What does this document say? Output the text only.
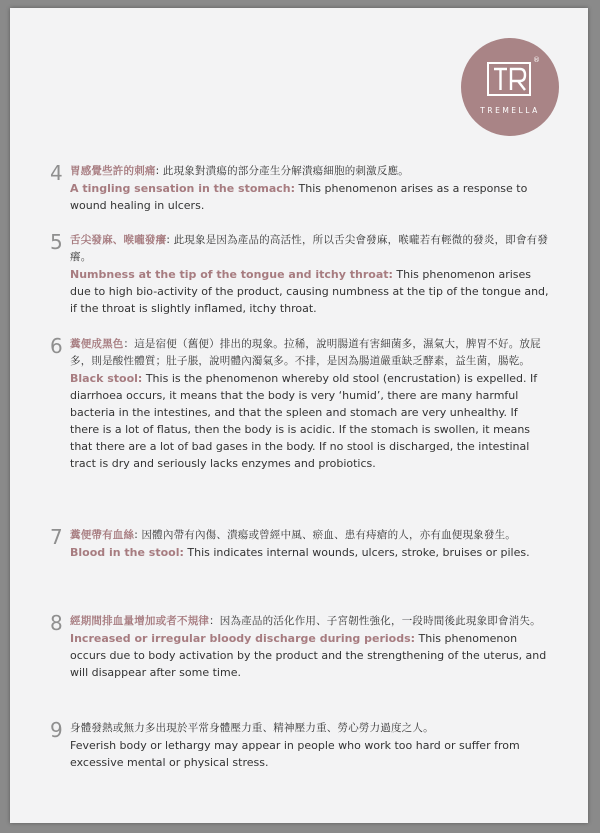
®
TREMELLA
4 胃感覺些許的刺痛: 此現象對潰瘍的部分產生分解潰瘍細胞的刺激反應。

A tingling sensation in the stomach: This phenomenon arises as a response to wound healing in ulcers.

5 舌尖發麻、喉嚨發癢: 此現象是因為產品的高活性，所以舌尖會發麻，喉嚨若有輕微的發炎，即會有發癢。

Numbness at the tip of the tongue and itchy throat: This phenomenon arises due to high bio-activity of the product, causing numbness at the tip of the tongue and, if the throat is slightly inflamed, itchy throat.

6 糞便成黑色：這是宿便（舊便）排出的現象。拉稀，說明腸道有害細菌多，濕氣大，脾胃不好。放屁多，則是酸性體質；肚子脹，說明體內濁氣多。不排，是因為腸道嚴重缺乏酵素，益生菌，腸乾。

Black stool: This is the phenomenon whereby old stool (encrustation) is expelled. If diarrhoea occurs, it means that the body is very ‘humid’, there are many harmful bacteria in the intestines, and that the spleen and stomach are very unhealthy. If there is a lot of flatus, then the body is is acidic. If the stomach is swollen, it means that there are a lot of bad gases in the body. If no stool is discharged, the intestinal tract is dry and seriously lacks enzymes and probiotics.

7 糞便帶有血絲: 因體內帶有內傷、潰瘍或曾經中風、瘀血、患有痔瘡的人，亦有血便現象發生。

Blood in the stool: This indicates internal wounds, ulcers, stroke, bruises or piles.

8 經期間排血量增加或者不規律：因為產品的活化作用、子宮韌性強化，一段時間後此現象即會消失。

Increased or irregular bloody discharge during periods: This phenomenon occurs due to body activation by the product and the strengthening of the uterus, and will disappear after some time.

9 身體發熱或無力多出現於平常身體壓力重、精神壓力重、勞心勞力過度之人。

Feverish body or lethargy may appear in people who work too hard or suffer from excessive mental or physical stress.
